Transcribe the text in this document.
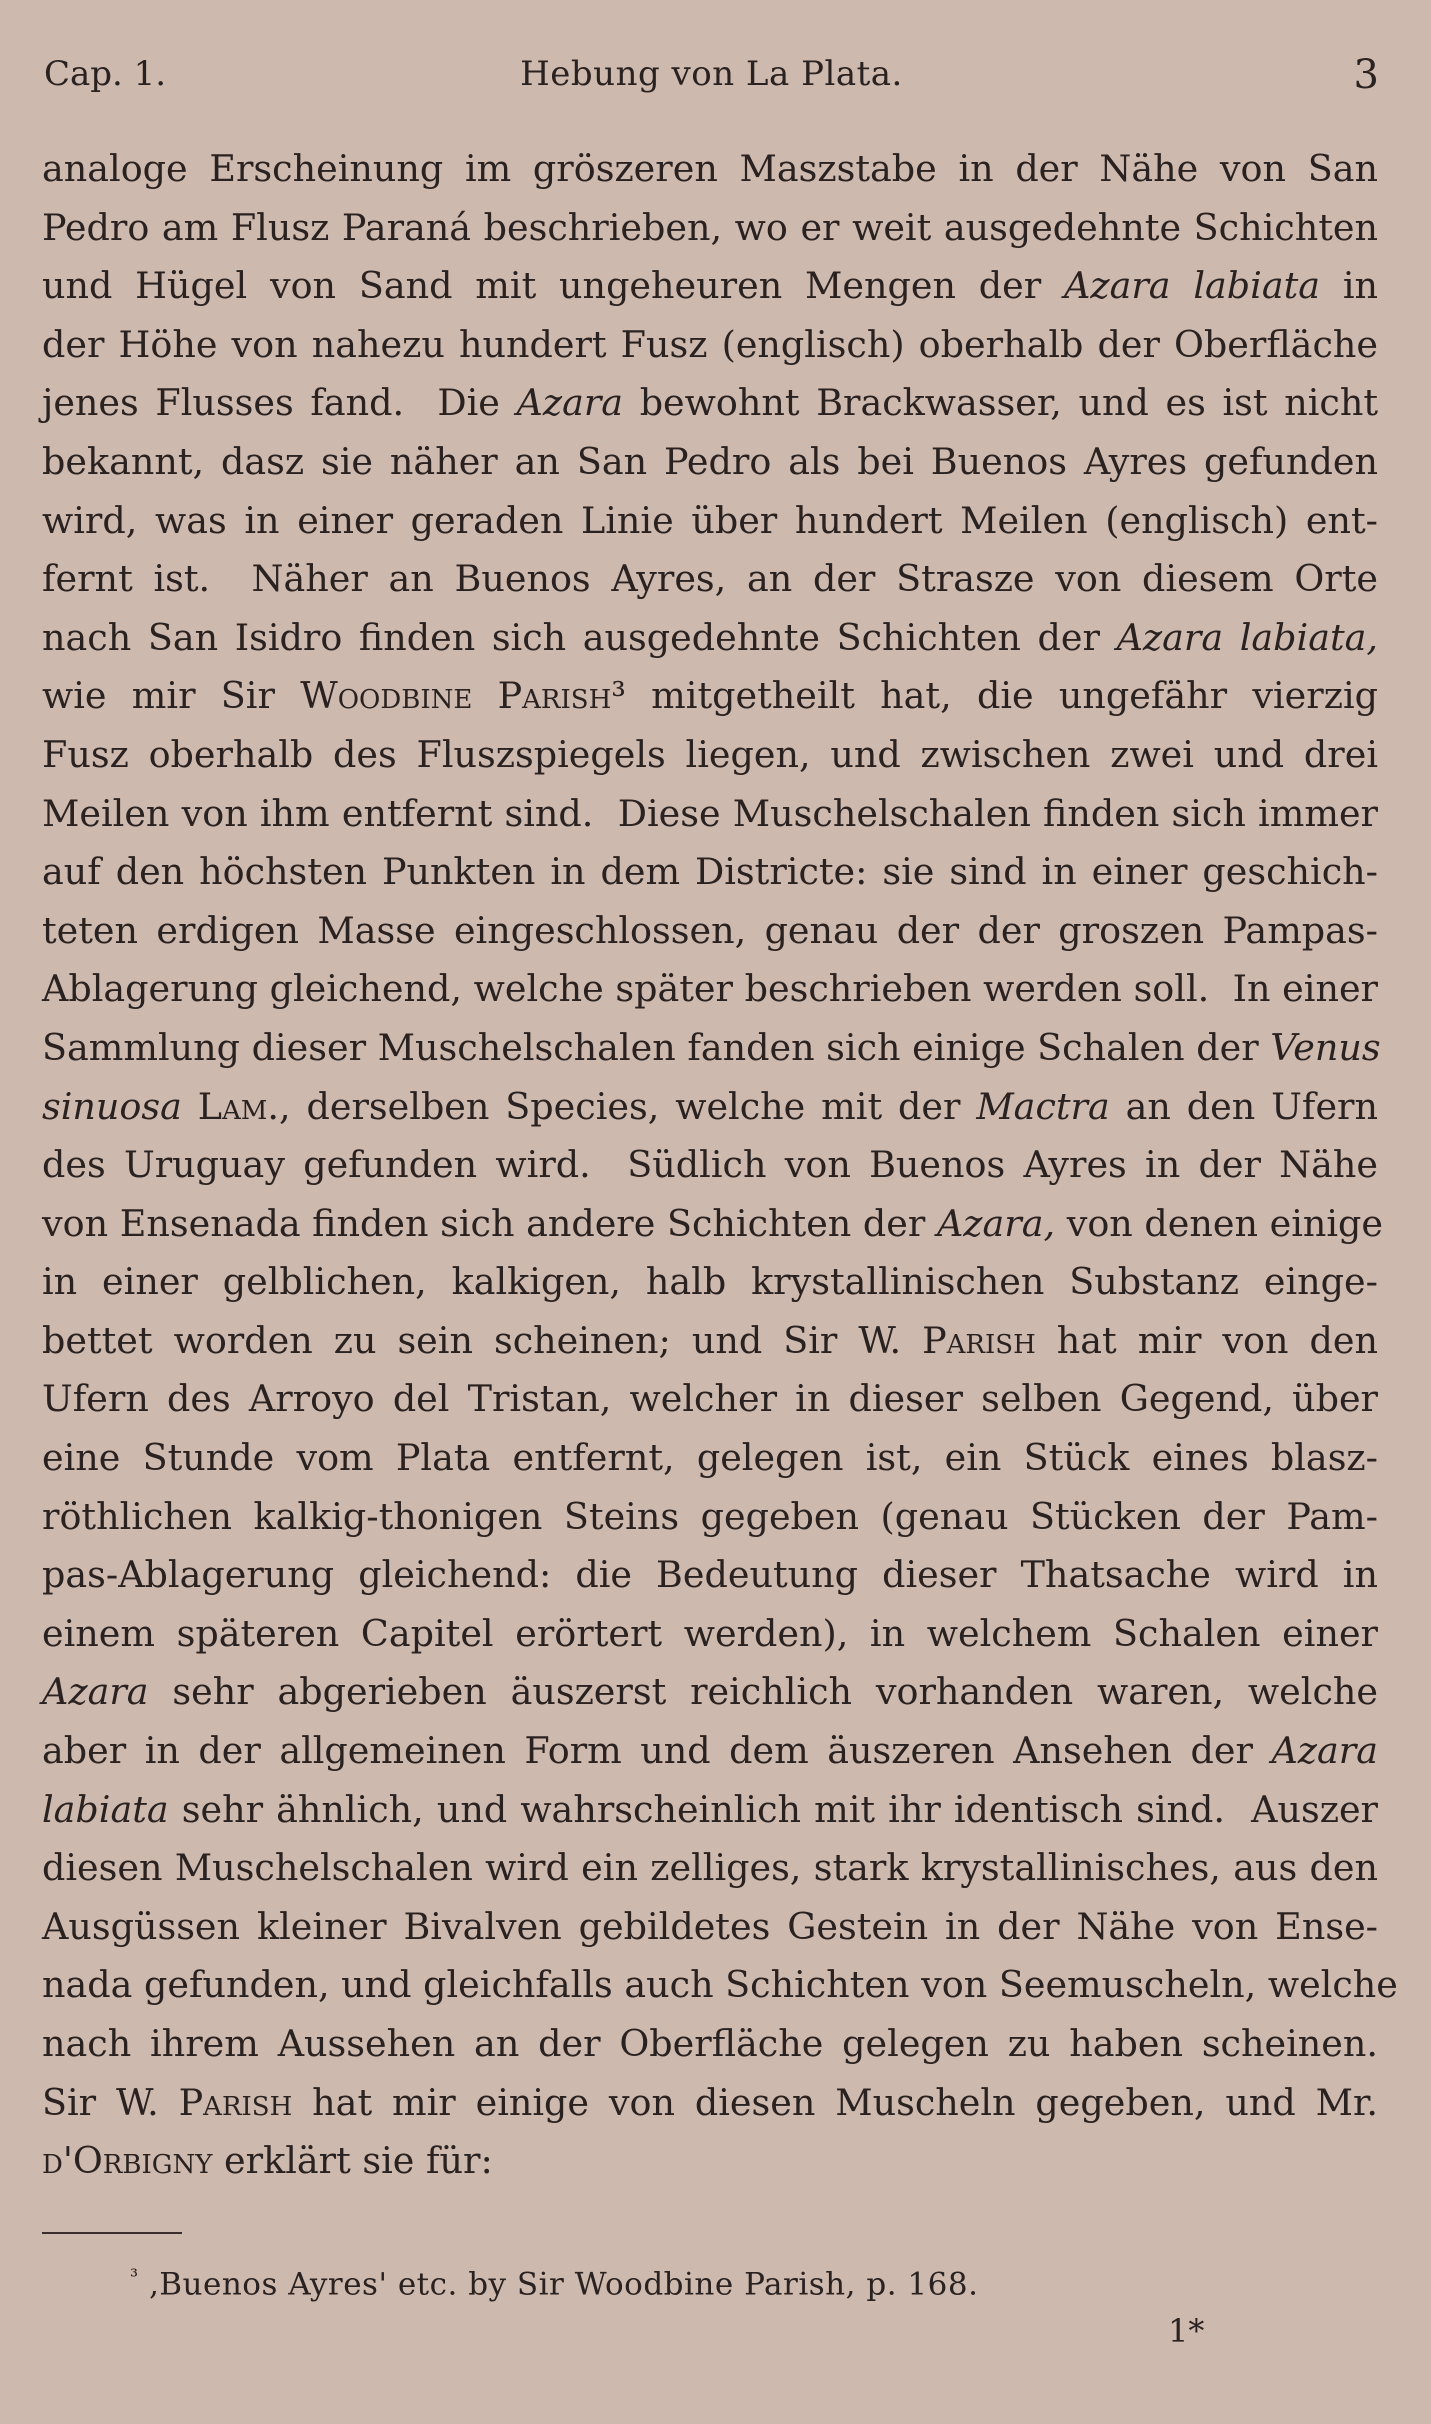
Cap. 1.	Hebung von La Plata.	3
analoge Erscheinung im gröszeren Maszstabe in der Nähe von San
Pedro am Flusz Paraná beschrieben, wo er weit ausgedehnte Schichten
und Hügel von Sand mit ungeheuren Mengen der Azara labiata in
der Höhe von nahezu hundert Fusz (englisch) oberhalb der Oberfläche
jenes Flusses fand.  Die Azara bewohnt Brackwasser, und es ist nicht
bekannt, dasz sie näher an San Pedro als bei Buenos Ayres gefunden
wird, was in einer geraden Linie über hundert Meilen (englisch) ent-
fernt ist.  Näher an Buenos Ayres, an der Strasze von diesem Orte
nach San Isidro finden sich ausgedehnte Schichten der Azara labiata,
wie mir Sir Woodbine Parish³ mitgetheilt hat, die ungefähr vierzig
Fusz oberhalb des Fluszspiegels liegen, und zwischen zwei und drei
Meilen von ihm entfernt sind.  Diese Muschelschalen finden sich immer
auf den höchsten Punkten in dem Districte: sie sind in einer geschich-
teten erdigen Masse eingeschlossen, genau der der groszen Pampas-
Ablagerung gleichend, welche später beschrieben werden soll.  In einer
Sammlung dieser Muschelschalen fanden sich einige Schalen der Venus
sinuosa Lam., derselben Species, welche mit der Mactra an den Ufern
des Uruguay gefunden wird.  Südlich von Buenos Ayres in der Nähe
von Ensenada finden sich andere Schichten der Azara, von denen einige
in einer gelblichen, kalkigen, halb krystallinischen Substanz einge-
bettet worden zu sein scheinen; und Sir W. Parish hat mir von den
Ufern des Arroyo del Tristan, welcher in dieser selben Gegend, über
eine Stunde vom Plata entfernt, gelegen ist, ein Stück eines blasz-
röthlichen kalkig-thonigen Steins gegeben (genau Stücken der Pam-
pas-Ablagerung gleichend: die Bedeutung dieser Thatsache wird in
einem späteren Capitel erörtert werden), in welchem Schalen einer
Azara sehr abgerieben äuszerst reichlich vorhanden waren, welche
aber in der allgemeinen Form und dem äuszeren Ansehen der Azara
labiata sehr ähnlich, und wahrscheinlich mit ihr identisch sind.  Auszer
diesen Muschelschalen wird ein zelliges, stark krystallinisches, aus den
Ausgüssen kleiner Bivalven gebildetes Gestein in der Nähe von Ense-
nada gefunden, und gleichfalls auch Schichten von Seemuscheln, welche
nach ihrem Aussehen an der Oberfläche gelegen zu haben scheinen.
Sir W. Parish hat mir einige von diesen Muscheln gegeben, und Mr.
d'Orbigny erklärt sie für:
$^{^3}$ ‚Buenos Ayres' etc. by Sir Woodbine Parish, p. 168.
1*
